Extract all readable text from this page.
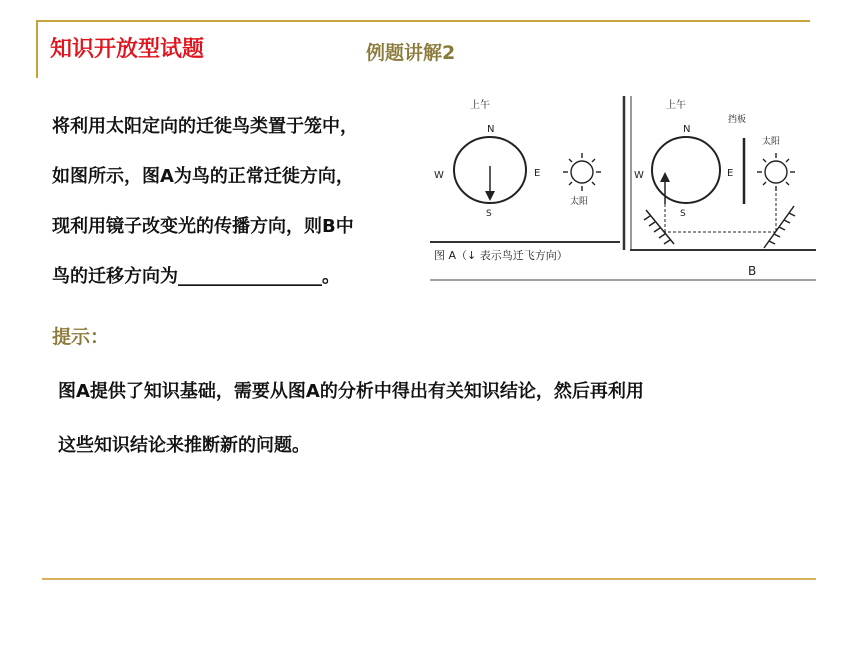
知识开放型试题	例题讲解2

将利用太阳定向的迁徙鸟类置于笼中，
如图所示，图A为鸟的正常迁徙方向，
现利用镜子改变光的传播方向，则B中
鸟的迁移方向为________________。

上午
N
S
W	E
太阳
图 A（↓ 表示鸟迁飞方向）
上午
N
S
W	E
挡板
太阳
B
提示：

图A提供了知识基础，需要从图A的分析中得出有关知识结论，然后再利用
这些知识结论来推断新的问题。
